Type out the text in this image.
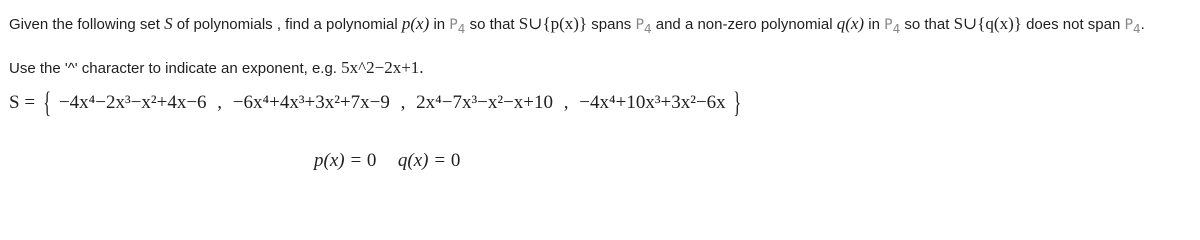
Given the following set S of polynomials , find a polynomial p(x) in $P_4$ so that S∪{p(x)} spans $P_4$ and a non-zero polynomial q(x) in $P_4$ so that S∪{q(x)} does not span $P_4$.
Use the '^' character to indicate an exponent, e.g. 5x^2−2x+1.
S = { −4x⁴−2x³−x²+4x−6 , −6x⁴+4x³+3x²+7x−9 , 2x⁴−7x³−x²−x+10 , −4x⁴+10x³+3x²−6x }
p(x) = 0 q(x) = 0
